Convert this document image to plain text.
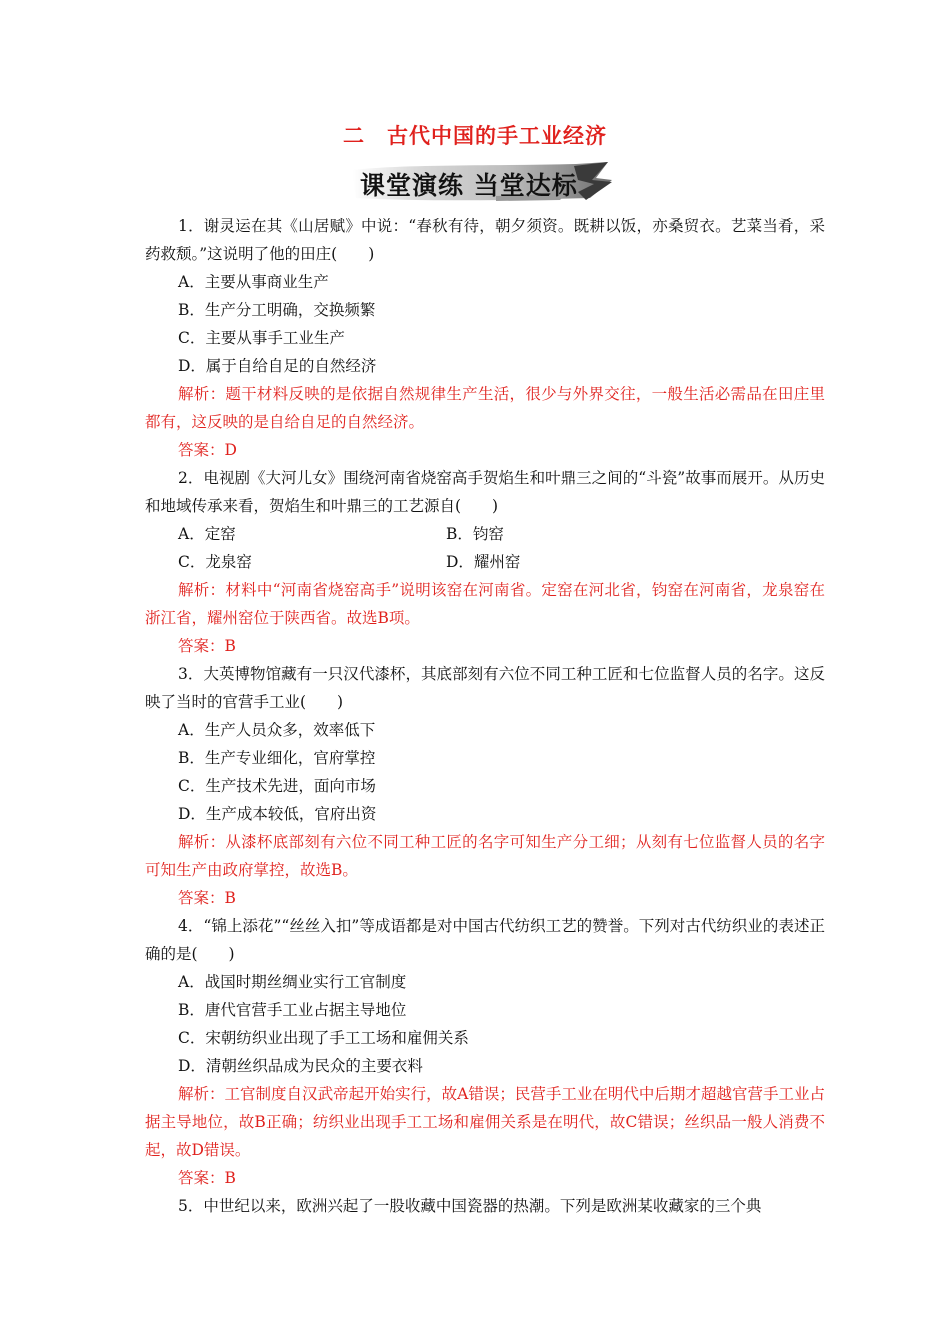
二　古代中国的手工业经济
课堂演练 当堂达标

1．谢灵运在其《山居赋》中说：“春秋有待，朝夕须资。既耕以饭，亦桑贸衣。艺菜当肴，采药救颓。”这说明了他的田庄(　　)

A．主要从事商业生产

B．生产分工明确，交换频繁

C．主要从事手工业生产

D．属于自给自足的自然经济

解析：题干材料反映的是依据自然规律生产生活，很少与外界交往，一般生活必需品在田庄里都有，这反映的是自给自足的自然经济。

答案：D

2．电视剧《大河儿女》围绕河南省烧窑高手贺焰生和叶鼎三之间的“斗瓷”故事而展开。从历史和地域传承来看，贺焰生和叶鼎三的工艺源自(　　)

A．定窑	B．钧窑
C．龙泉窑	D．耀州窑

解析：材料中“河南省烧窑高手”说明该窑在河南省。定窑在河北省，钧窑在河南省，龙泉窑在浙江省，耀州窑位于陕西省。故选B项。

答案：B

3．大英博物馆藏有一只汉代漆杯，其底部刻有六位不同工种工匠和七位监督人员的名字。这反映了当时的官营手工业(　　)

A．生产人员众多，效率低下

B．生产专业细化，官府掌控

C．生产技术先进，面向市场

D．生产成本较低，官府出资

解析：从漆杯底部刻有六位不同工种工匠的名字可知生产分工细；从刻有七位监督人员的名字可知生产由政府掌控，故选B。

答案：B

4．“锦上添花”“丝丝入扣”等成语都是对中国古代纺织工艺的赞誉。下列对古代纺织业的表述正确的是(　　)

A．战国时期丝绸业实行工官制度

B．唐代官营手工业占据主导地位

C．宋朝纺织业出现了手工工场和雇佣关系

D．清朝丝织品成为民众的主要衣料

解析：工官制度自汉武帝起开始实行，故A错误；民营手工业在明代中后期才超越官营手工业占据主导地位，故B正确；纺织业出现手工工场和雇佣关系是在明代，故C错误；丝织品一般人消费不起，故D错误。

答案：B

5．中世纪以来，欧洲兴起了一股收藏中国瓷器的热潮。下列是欧洲某收藏家的三个典
